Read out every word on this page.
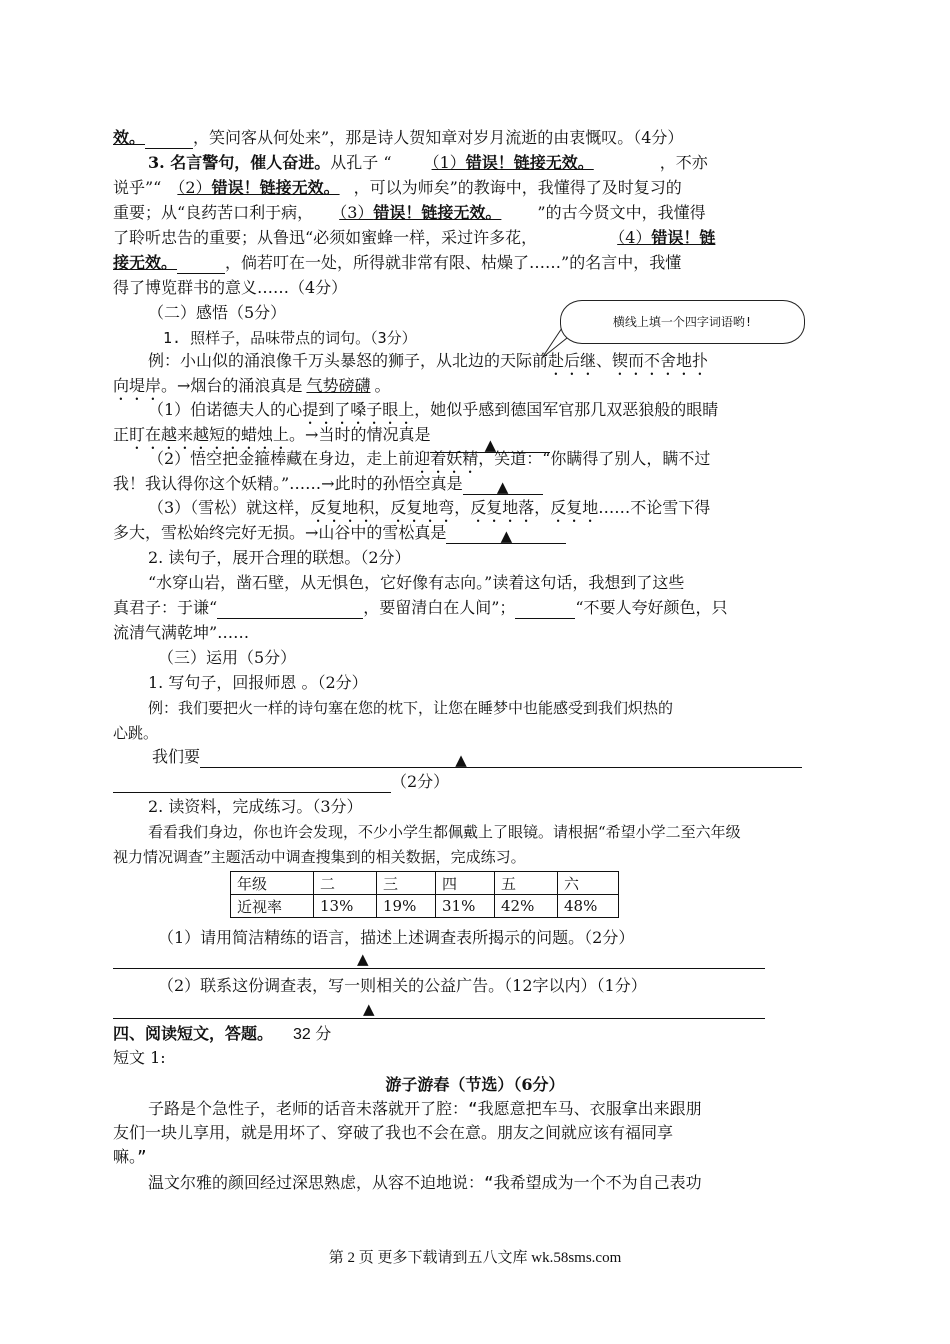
效。	，笑问客从何处来”，那是诗人贺知章对岁月流逝的由衷慨叹。（4分）
3. 名言警句，催人奋进。从孔子 “	（1）错误！链接无效。	，不亦
说乎”“ （2）错误！链接无效。 ，可以为师矣”的教诲中，我懂得了及时复习的
重要；从“良药苦口利于病， （3）错误！链接无效。 ”的古今贤文中，我懂得
了聆听忠告的重要；从鲁迅“必须如蜜蜂一样，采过许多花，	（4）错误！链
接无效。	，倘若叮在一处，所得就非常有限、枯燥了……”的名言中，我懂
得了博览群书的意义……（4分）
（二）感悟（5分）	横线上填一个四字词语哟!
1. 照样子，品味带点的词句。（3分）
例：小山似的涌浪像千万头暴怒的狮子，从北边的天际前赴后继、锲而不舍地扑
向堤岸。→烟台的涌浪真是 气势磅礴 。
（1）伯诺德夫人的心提到了嗓子眼上，她似乎感到德国军官那几双恶狼般的眼睛
正盯在越来越短的蜡烛上。→当时的情况真是▲
（2）悟空把金箍棒藏在身边，走上前迎着妖精，笑道：“你瞒得了别人，瞒不过
我！我认得你这个妖精。”……→此时的孙悟空真是 ▲
（3）（雪松）就这样，反复地积，反复地弯，反复地落，反复地……不论雪下得
多大，雪松始终完好无损。→山谷中的雪松真是	▲
2. 读句子，展开合理的联想。（2分）
“水穿山岩，凿石壁，从无惧色，它好像有志向。”读着这句话，我想到了这些
真君子：于谦“	，要留清白在人间”；	“不要人夸好颜色，只
流清气满乾坤”……
（三）运用（5分）
1. 写句子，回报师恩 。（2分）
例：我们要把火一样的诗句塞在您的枕下，让您在睡梦中也能感受到我们炽热的
心跳。
我们要	▲
（2分）
2. 读资料，完成练习。（3分）
看看我们身边，你也许会发现，不少小学生都佩戴上了眼镜。请根据“希望小学二至六年级
视力情况调查”主题活动中调查搜集到的相关数据，完成练习。
年级	二	三	四	五	六
近视率	13%	19%	31%	42%	48%
（1）请用简洁精练的语言，描述上述调查表所揭示的问题。（2分）
▲
（2）联系这份调查表，写一则相关的公益广告。（12字以内）（1分）
▲
四、阅读短文，答题。 32 分
短文 1:
游子游春（节选）（6分）
子路是个急性子，老师的话音未落就开了腔：“我愿意把车马、衣服拿出来跟朋
友们一块儿享用，就是用坏了、穿破了我也不会在意。朋友之间就应该有福同享
嘛。”
温文尔雅的颜回经过深思熟虑，从容不迫地说：“我希望成为一个不为自己表功
第 2 页 更多下载请到五八文库 wk.58sms.com
